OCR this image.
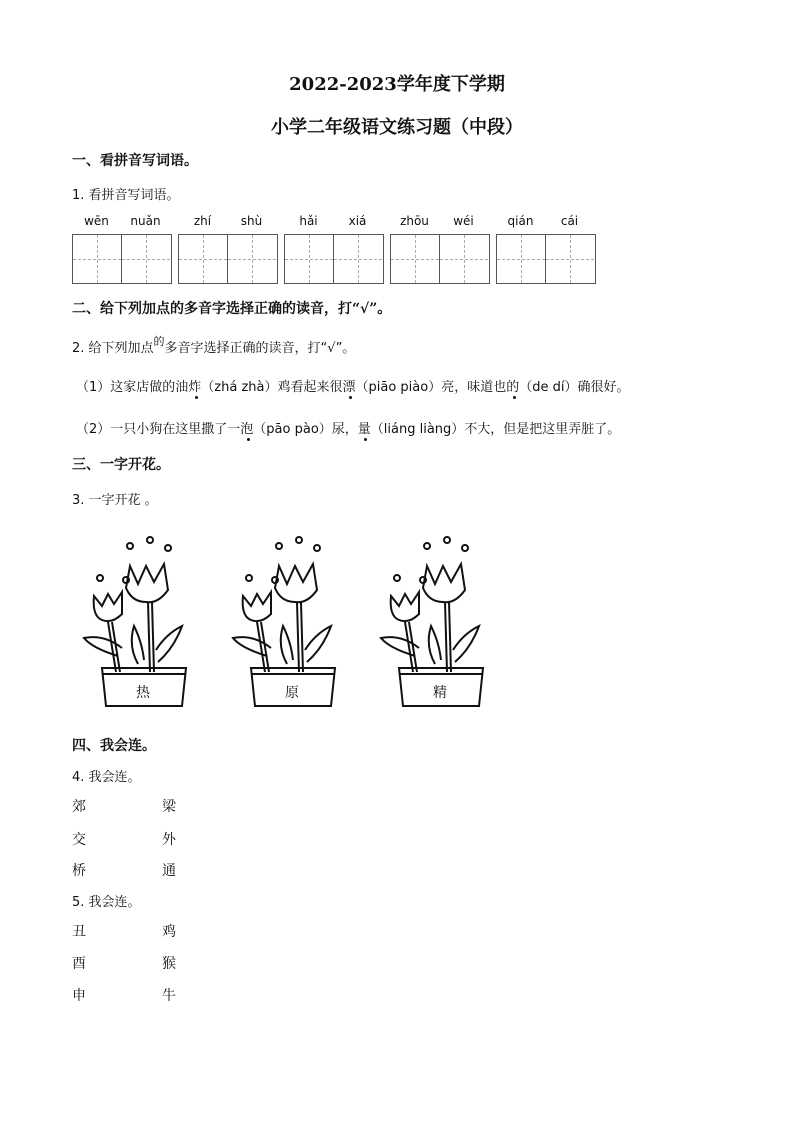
2022-2023学年度下学期
小学二年级语文练习题（中段）
一、看拼音写词语。
1. 看拼音写词语。
wēn	nuǎn	zhí	shù	hǎi	xiá	zhōu	wéi	qián	cái
二、给下列加点的多音字选择正确的读音，打“√”。
2. 给下列加点$^的$多音字选择正确的读音，打“√”。
（1）这家店做的油炸（zhá zhà）鸡看起来很漂（piāo piào）亮，味道也的（de dí）确很好。
（2）一只小狗在这里撒了一泡（pāo pào）尿，量（liáng liàng）不大，但是把这里弄脏了。
三、一字开花。
3. 一字开花 。
热	原	精
四、我会连。
4. 我会连。
郊	梁
交	外
桥	通
5. 我会连。
丑	鸡
酉	猴
申	牛
